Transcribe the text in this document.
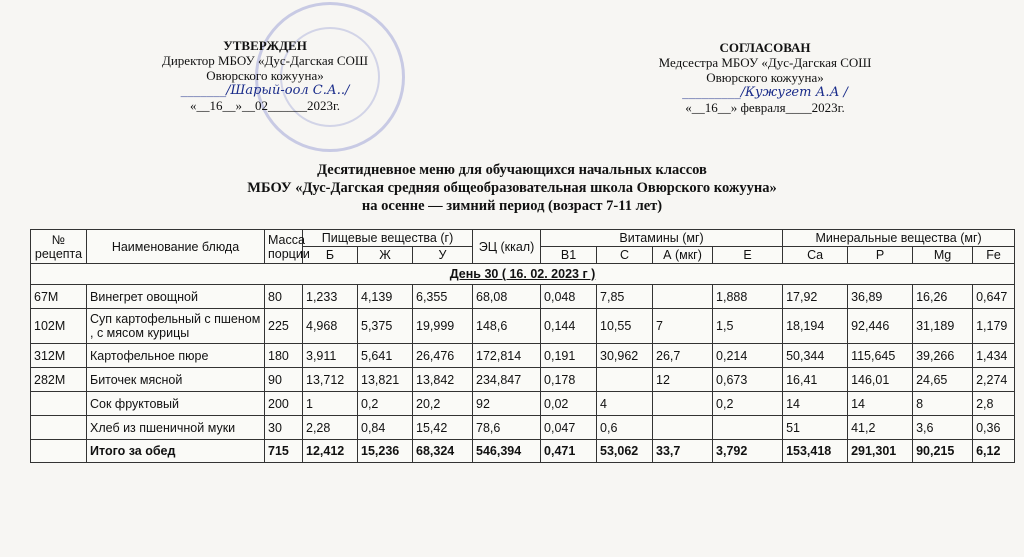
УТВЕРЖДЕН
Директор МБОУ «Дус-Дагская СОШ
Овюрского кожууна»
_______/Шарый-оол С.А../
«__16__»__02______2023г.
СОГЛАСОВАН
Медсестра МБОУ «Дус-Дагская СОШ
Овюрского кожууна»
_________/Кужугет А.А /
«__16__» февраля____2023г.
Десятидневное меню для обучающихся начальных классов
МБОУ «Дус-Дагская средняя общеобразовательная школа Овюрского кожууна»
на осенне — зимний период (возраст 7-11 лет)
№ рецепта	Наименование блюда	Масса порции	Пищевые вещества (г)			ЭЦ (ккал)	Витамины (мг)				Минеральные вещества (мг)			
			Б	Ж	У		В1	С	А (мкг)	Е	Ca	P	Mg	Fe
День 30 ( 16. 02. 2023 г )														
67М	Винегрет овощной	80	1,233	4,139	6,355	68,08	0,048	7,85		1,888	17,92	36,89	16,26	0,647
102М	Суп картофельный с пшеном , с мясом курицы	225	4,968	5,375	19,999	148,6	0,144	10,55	7	1,5	18,194	92,446	31,189	1,179
312М	Картофельное пюре	180	3,911	5,641	26,476	172,814	0,191	30,962	26,7	0,214	50,344	115,645	39,266	1,434
282М	Биточек мясной	90	13,712	13,821	13,842	234,847	0,178		12	0,673	16,41	146,01	24,65	2,274
	Сок фруктовый	200	1	0,2	20,2	92	0,02	4		0,2	14	14	8	2,8
	Хлеб из пшеничной муки	30	2,28	0,84	15,42	78,6	0,047	0,6			51	41,2	3,6	0,36
	Итого за обед	715	12,412	15,236	68,324	546,394	0,471	53,062	33,7	3,792	153,418	291,301	90,215	6,12
